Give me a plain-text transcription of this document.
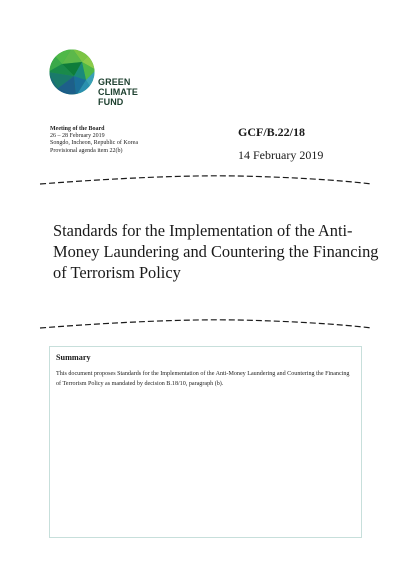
GREEN
CLIMATE
FUND
Meeting of the Board
26 – 28 February 2019
Songdo, Incheon, Republic of Korea
Provisional agenda item 22(b)
GCF/B.22/18
14 February 2019
Standards for the Implementation of the Anti-Money Laundering and Countering the Financing of Terrorism Policy
Summary
This document proposes Standards for the Implementation of the Anti-Money Laundering and Countering the Financing of Terrorism Policy as mandated by decision B.18/10, paragraph (b).
